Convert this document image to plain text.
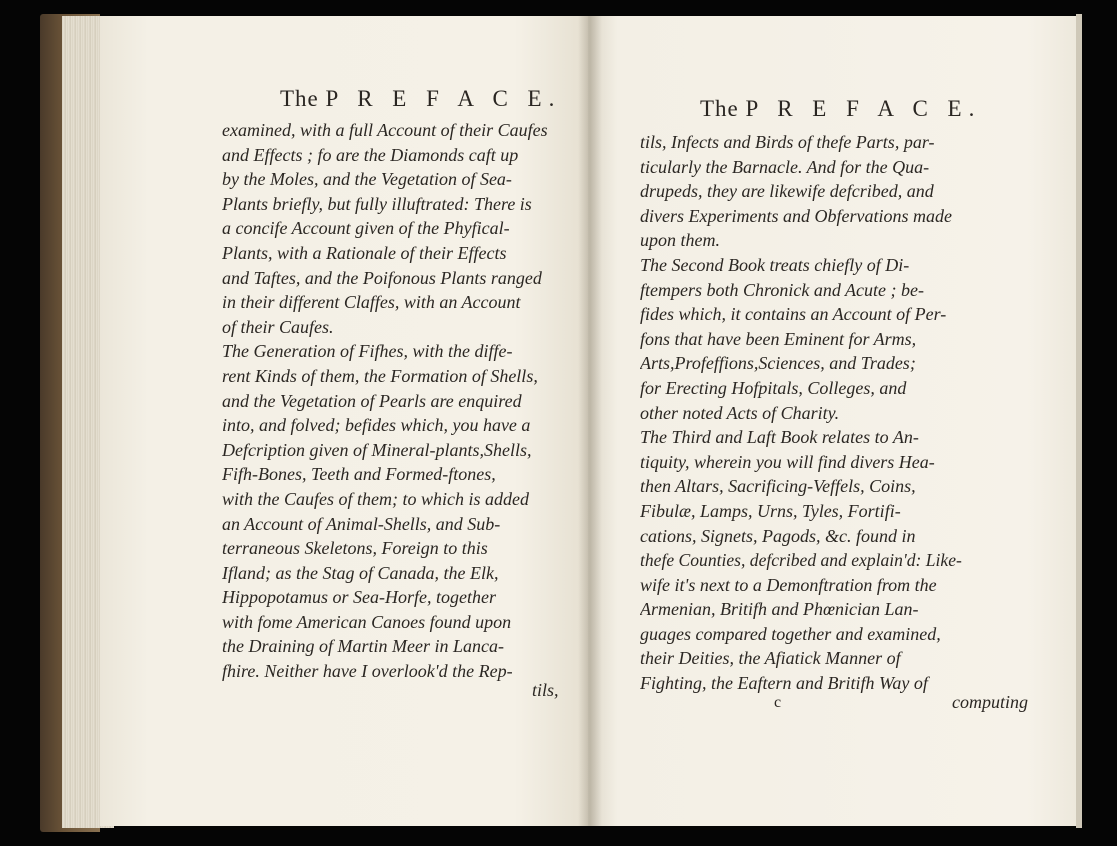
The P R E F A C E.
examined, with a full Account of their Caufes
and Effects ; fo are the Diamonds caft up
by the Moles, and the Vegetation of Sea-
Plants briefly, but fully illuftrated: There is
a concife Account given of the Phyfical-
Plants, with a Rationale of their Effects
and Taftes, and the Poifonous Plants ranged
in their different Claffes, with an Account
of their Caufes.
The Generation of Fifhes, with the diffe-
rent Kinds of them, the Formation of Shells,
and the Vegetation of Pearls are enquired
into, and folved; befides which, you have a
Defcription given of Mineral-plants,Shells,
Fifh-Bones, Teeth and Formed-ftones,
with the Caufes of them; to which is added
an Account of Animal-Shells, and Sub-
terraneous Skeletons, Foreign to this
Ifland; as the Stag of Canada, the Elk,
Hippopotamus or Sea-Horfe, together
with fome American Canoes found upon
the Draining of Martin Meer in Lanca-
fhire. Neither have I overlook'd the Rep-
tils,
The P R E F A C E.
tils, Infects and Birds of thefe Parts, par-
ticularly the Barnacle. And for the Qua-
drupeds, they are likewife defcribed, and
divers Experiments and Obfervations made
upon them.
The Second Book treats chiefly of Di-
ftempers both Chronick and Acute ; be-
fides which, it contains an Account of Per-
fons that have been Eminent for Arms,
Arts,Profeffions,Sciences, and Trades;
for Erecting Hofpitals, Colleges, and
other noted Acts of Charity.
The Third and Laft Book relates to An-
tiquity, wherein you will find divers Hea-
then Altars, Sacrificing-Veffels, Coins,
Fibulæ, Lamps, Urns, Tyles, Fortifi-
cations, Signets, Pagods, &c. found in
thefe Counties, defcribed and explain'd: Like-
wife it's next to a Demonftration from the
Armenian, Britifh and Phœnician Lan-
guages compared together and examined,
their Deities, the Afiatick Manner of
Fighting, the Eaftern and Britifh Way of
c	computing
